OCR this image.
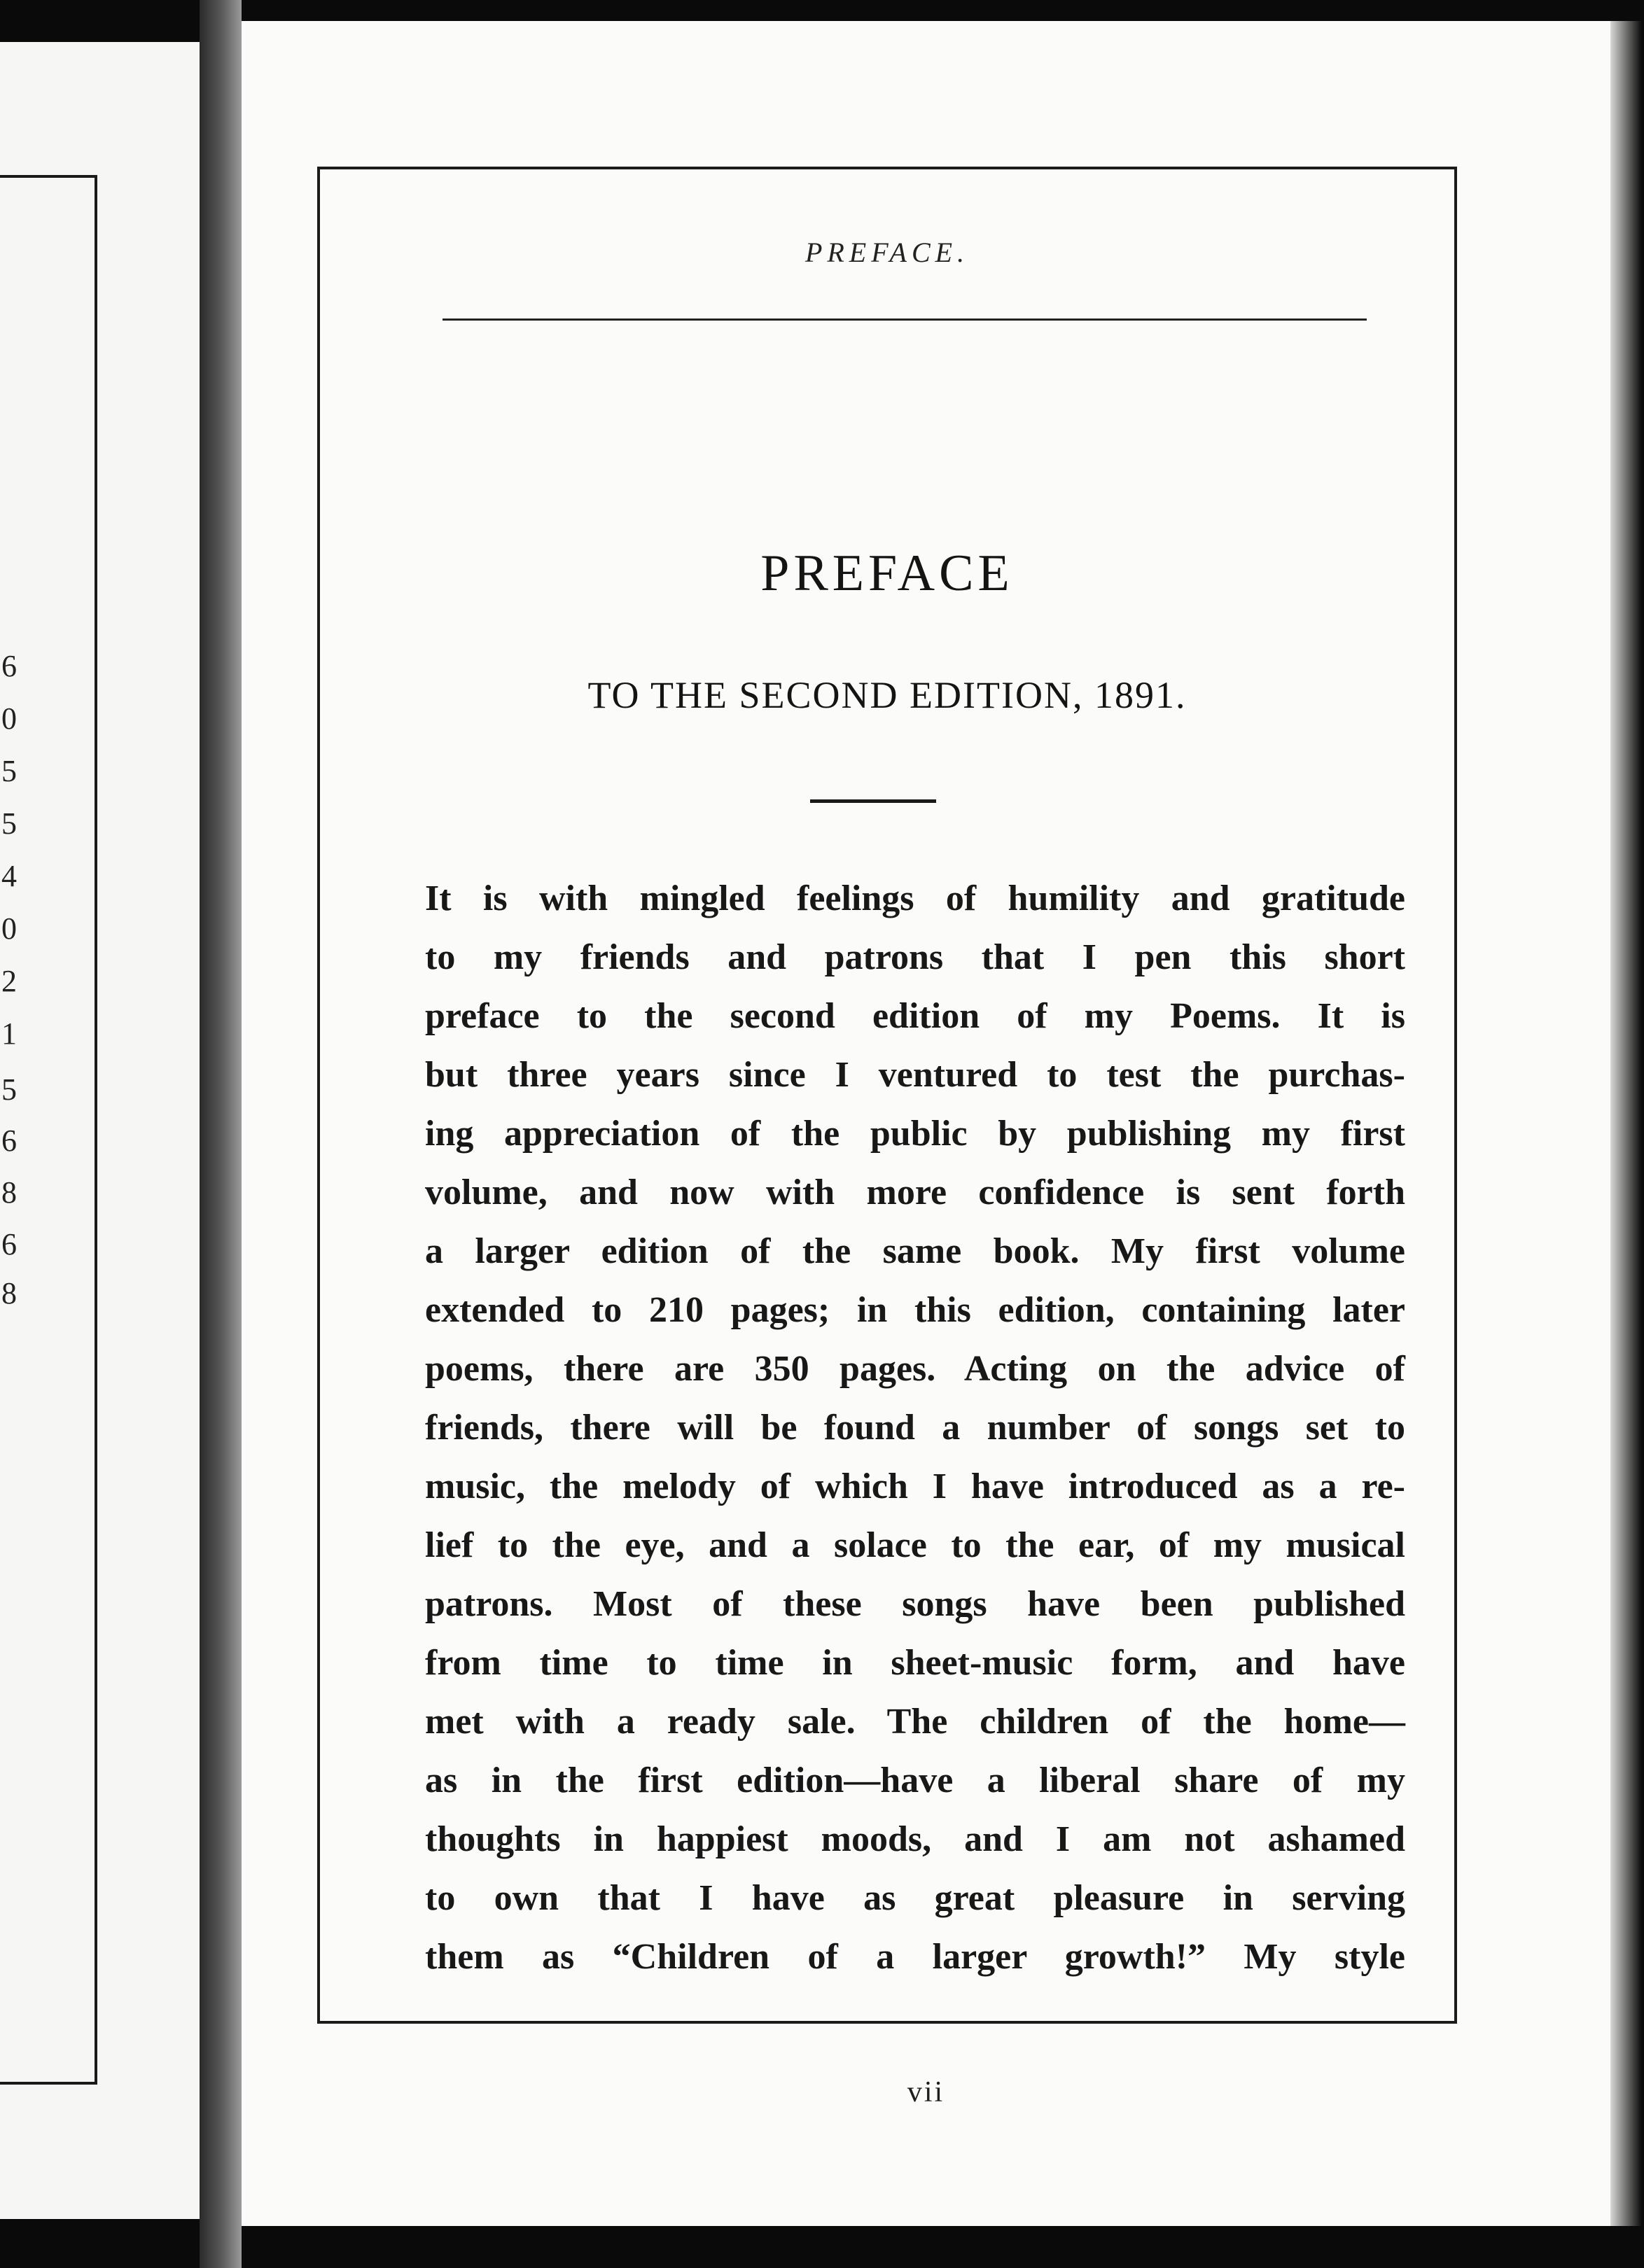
6
0
5
5
4
0
2
1
5
6
8
6
8
PREFACE.
PREFACE
TO THE SECOND EDITION, 1891.
It is with mingled feelings of humility and gratitude
to my friends and patrons that I pen this short
preface to the second edition of my Poems. It is
but three years since I ventured to test the purchas-
ing appreciation of the public by publishing my first
volume, and now with more confidence is sent forth
a larger edition of the same book. My first volume
extended to 210 pages; in this edition, containing later
poems, there are 350 pages. Acting on the advice of
friends, there will be found a number of songs set to
music, the melody of which I have introduced as a re-
lief to the eye, and a solace to the ear, of my musical
patrons. Most of these songs have been published
from time to time in sheet-music form, and have
met with a ready sale. The children of the home—
as in the first edition—have a liberal share of my
thoughts in happiest moods, and I am not ashamed
to own that I have as great pleasure in serving
them as “Children of a larger growth!” My style
vii
